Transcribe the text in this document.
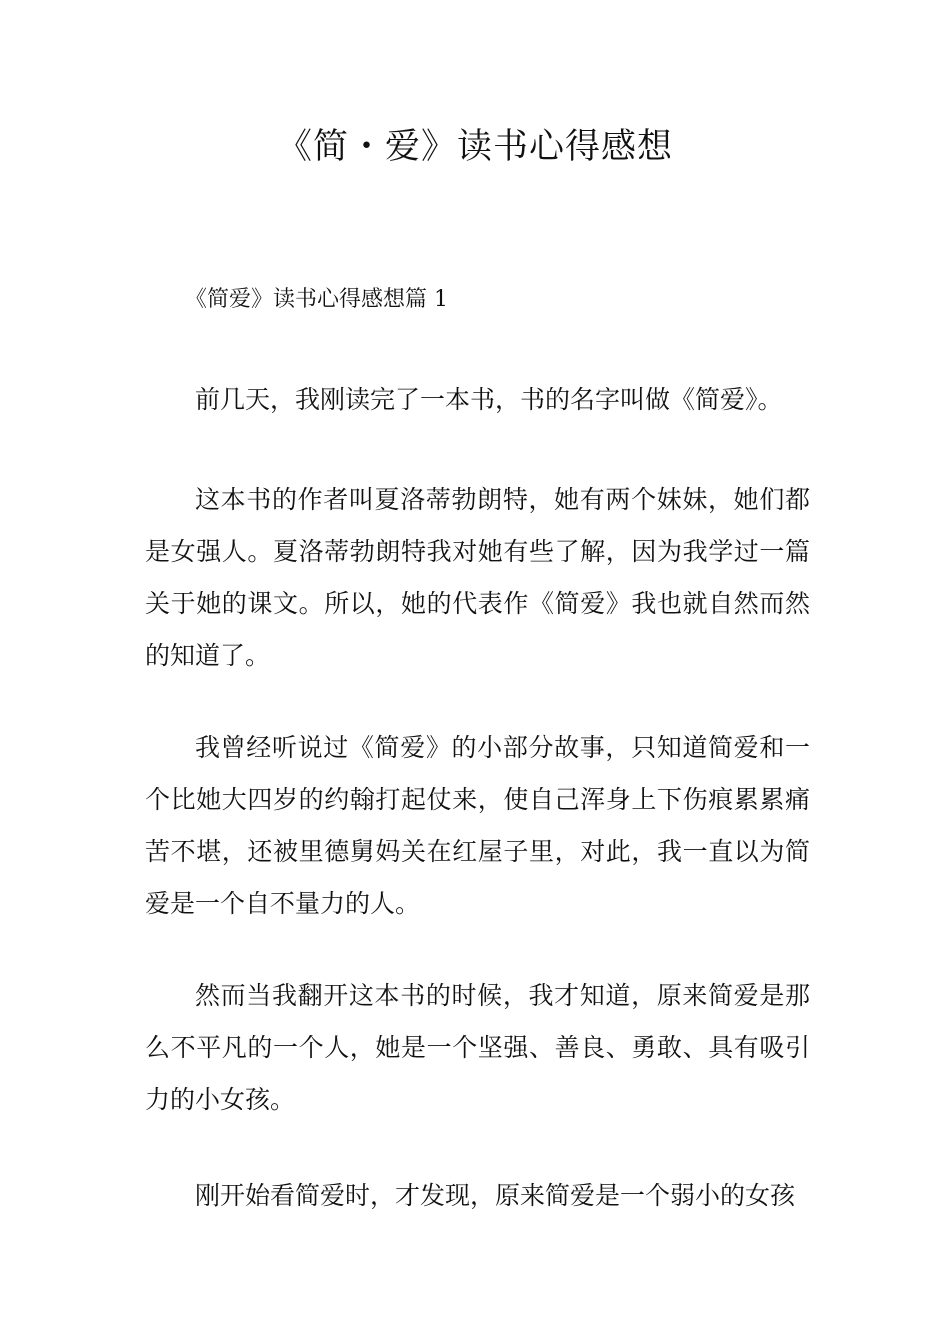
《简・爱》读书心得感想

《简爱》读书心得感想篇 1

前几天，我刚读完了一本书，书的名字叫做《简爱》。

这本书的作者叫夏洛蒂勃朗特，她有两个妹妹，她们都是女强人。夏洛蒂勃朗特我对她有些了解，因为我学过一篇关于她的课文。所以，她的代表作《简爱》我也就自然而然的知道了。

我曾经听说过《简爱》的小部分故事，只知道简爱和一个比她大四岁的约翰打起仗来，使自己浑身上下伤痕累累痛苦不堪，还被里德舅妈关在红屋子里，对此，我一直以为简爱是一个自不量力的人。

然而当我翻开这本书的时候，我才知道，原来简爱是那么不平凡的一个人，她是一个坚强、善良、勇敢、具有吸引力的小女孩。

刚开始看简爱时，才发现，原来简爱是一个弱小的女孩
